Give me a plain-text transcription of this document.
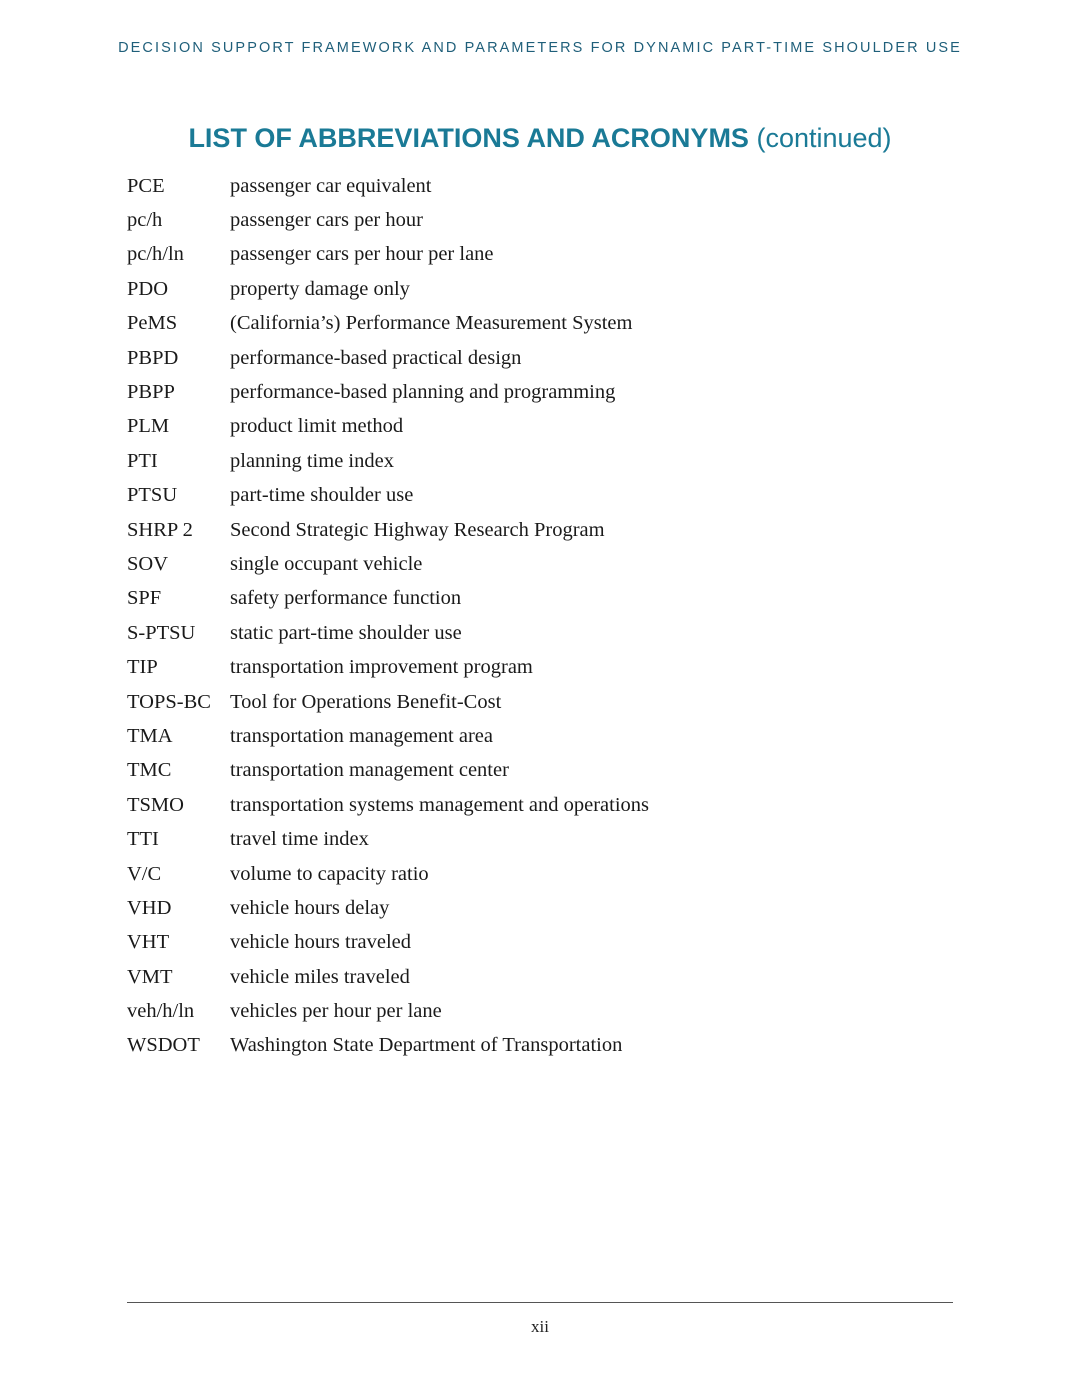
DECISION SUPPORT FRAMEWORK AND PARAMETERS FOR DYNAMIC PART-TIME SHOULDER USE
LIST OF ABBREVIATIONS AND ACRONYMS (continued)
PCE	passenger car equivalent
pc/h	passenger cars per hour
pc/h/ln	passenger cars per hour per lane
PDO	property damage only
PeMS	(California’s) Performance Measurement System
PBPD	performance-based practical design
PBPP	performance-based planning and programming
PLM	product limit method
PTI	planning time index
PTSU	part-time shoulder use
SHRP 2	Second Strategic Highway Research Program
SOV	single occupant vehicle
SPF	safety performance function
S-PTSU	static part-time shoulder use
TIP	transportation improvement program
TOPS-BC Tool for Operations Benefit-Cost
TMA	transportation management area
TMC	transportation management center
TSMO	transportation systems management and operations
TTI	travel time index
V/C	volume to capacity ratio
VHD	vehicle hours delay
VHT	vehicle hours traveled
VMT	vehicle miles traveled
veh/h/ln	vehicles per hour per lane
WSDOT	Washington State Department of Transportation
xii
